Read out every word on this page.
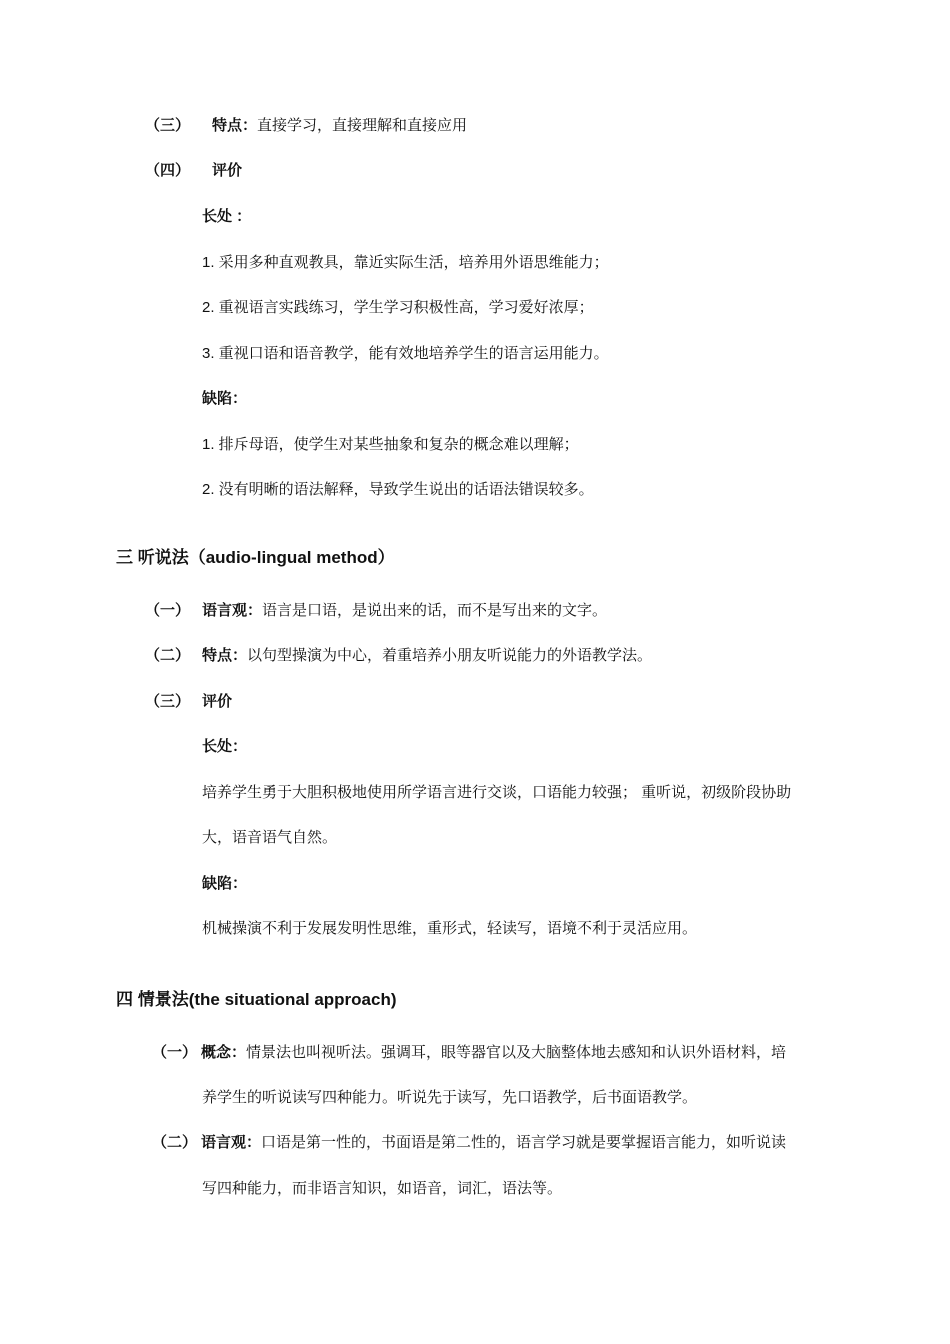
（三） 特点：直接学习，直接理解和直接应用
（四） 评价
长处 ：
1. 采用多种直观教具，靠近实际生活，培养用外语思维能力；
2. 重视语言实践练习，学生学习积极性高，学习爱好浓厚；
3. 重视口语和语音教学，能有效地培养学生的语言运用能力。
缺陷：
1. 排斥母语，使学生对某些抽象和复杂的概念难以理解；
2. 没有明晰的语法解释，导致学生说出的话语法错误较多。
三 听说法（audio-lingual method）
（一） 语言观：语言是口语，是说出来的话，而不是写出来的文字。
（二） 特点：以句型操演为中心，着重培养小朋友听说能力的外语教学法。
（三） 评价
长处：
培养学生勇于大胆积极地使用所学语言进行交谈，口语能力较强； 重听说，初级阶段协助
大，语音语气自然。
缺陷：
机械操演不利于发展发明性思维，重形式，轻读写，语境不利于灵活应用。
四 情景法(the situational approach)
（一） 概念：情景法也叫视听法。强调耳，眼等器官以及大脑整体地去感知和认识外语材料，培
养学生的听说读写四种能力。听说先于读写，先口语教学，后书面语教学。
（二） 语言观：口语是第一性的，书面语是第二性的，语言学习就是要掌握语言能力，如听说读
写四种能力，而非语言知识，如语音，词汇，语法等。
